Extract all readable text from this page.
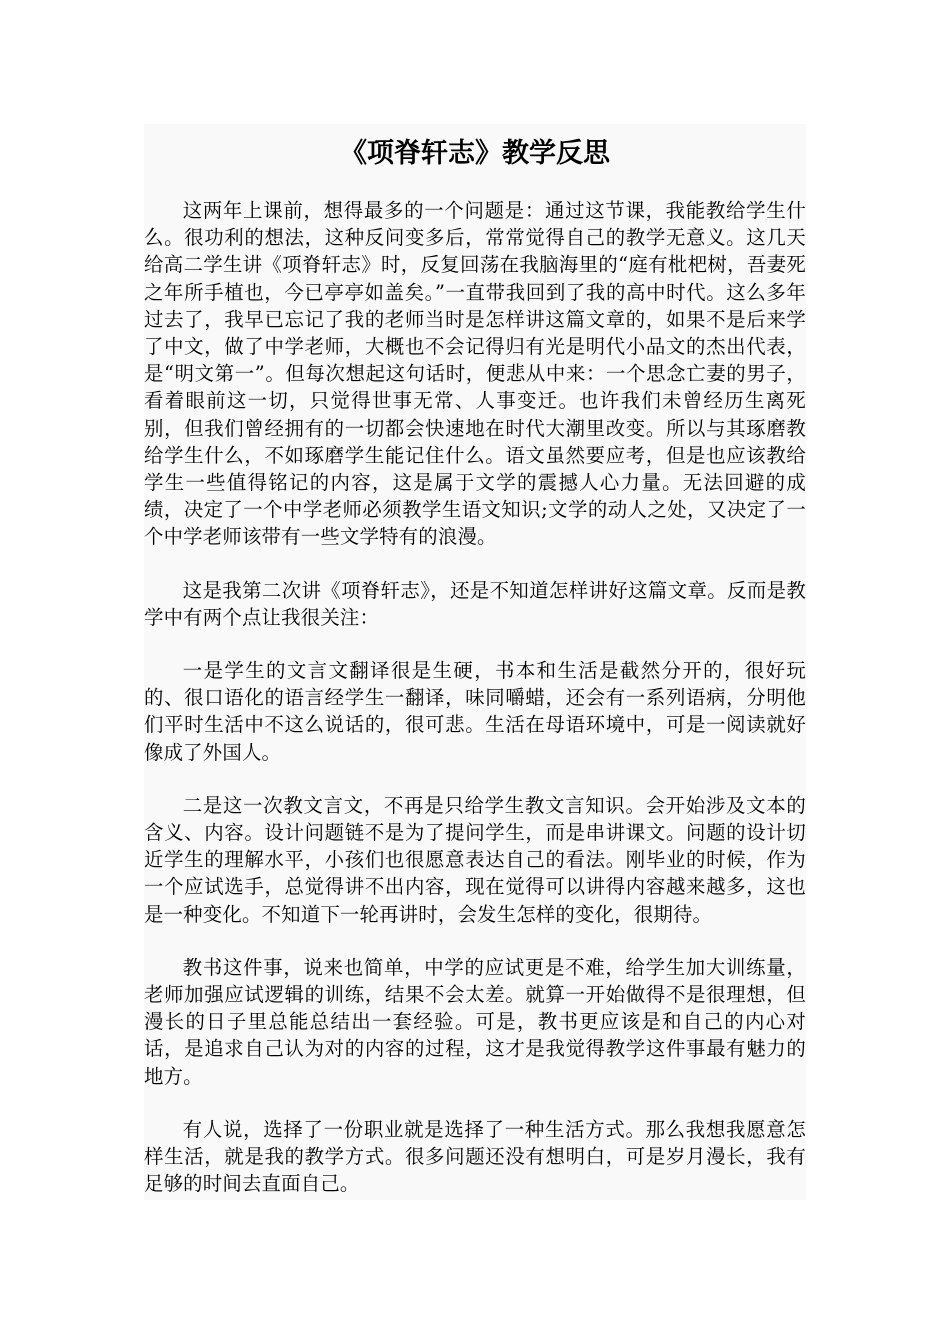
《项脊轩志》教学反思

这两年上课前，想得最多的一个问题是：通过这节课，我能教给学生什么。很功利的想法，这种反问变多后，常常觉得自己的教学无意义。这几天给高二学生讲《项脊轩志》时，反复回荡在我脑海里的“庭有枇杷树，吾妻死之年所手植也，今已亭亭如盖矣。”一直带我回到了我的高中时代。这么多年过去了，我早已忘记了我的老师当时是怎样讲这篇文章的，如果不是后来学了中文，做了中学老师，大概也不会记得归有光是明代小品文的杰出代表，是“明文第一”。但每次想起这句话时，便悲从中来：一个思念亡妻的男子，看着眼前这一切，只觉得世事无常、人事变迁。也许我们未曾经历生离死别，但我们曾经拥有的一切都会快速地在时代大潮里改变。所以与其琢磨教给学生什么，不如琢磨学生能记住什么。语文虽然要应考，但是也应该教给学生一些值得铭记的内容，这是属于文学的震撼人心力量。无法回避的成绩，决定了一个中学老师必须教学生语文知识;文学的动人之处，又决定了一个中学老师该带有一些文学特有的浪漫。

这是我第二次讲《项脊轩志》，还是不知道怎样讲好这篇文章。反而是教学中有两个点让我很关注：

一是学生的文言文翻译很是生硬，书本和生活是截然分开的，很好玩的、很口语化的语言经学生一翻译，味同嚼蜡，还会有一系列语病，分明他们平时生活中不这么说话的，很可悲。生活在母语环境中，可是一阅读就好像成了外国人。

二是这一次教文言文，不再是只给学生教文言知识。会开始涉及文本的含义、内容。设计问题链不是为了提问学生，而是串讲课文。问题的设计切近学生的理解水平，小孩们也很愿意表达自己的看法。刚毕业的时候，作为一个应试选手，总觉得讲不出内容，现在觉得可以讲得内容越来越多，这也是一种变化。不知道下一轮再讲时，会发生怎样的变化，很期待。

教书这件事，说来也简单，中学的应试更是不难，给学生加大训练量，老师加强应试逻辑的训练，结果不会太差。就算一开始做得不是很理想，但漫长的日子里总能总结出一套经验。可是，教书更应该是和自己的内心对话，是追求自己认为对的内容的过程，这才是我觉得教学这件事最有魅力的地方。

有人说，选择了一份职业就是选择了一种生活方式。那么我想我愿意怎样生活，就是我的教学方式。很多问题还没有想明白，可是岁月漫长，我有足够的时间去直面自己。
